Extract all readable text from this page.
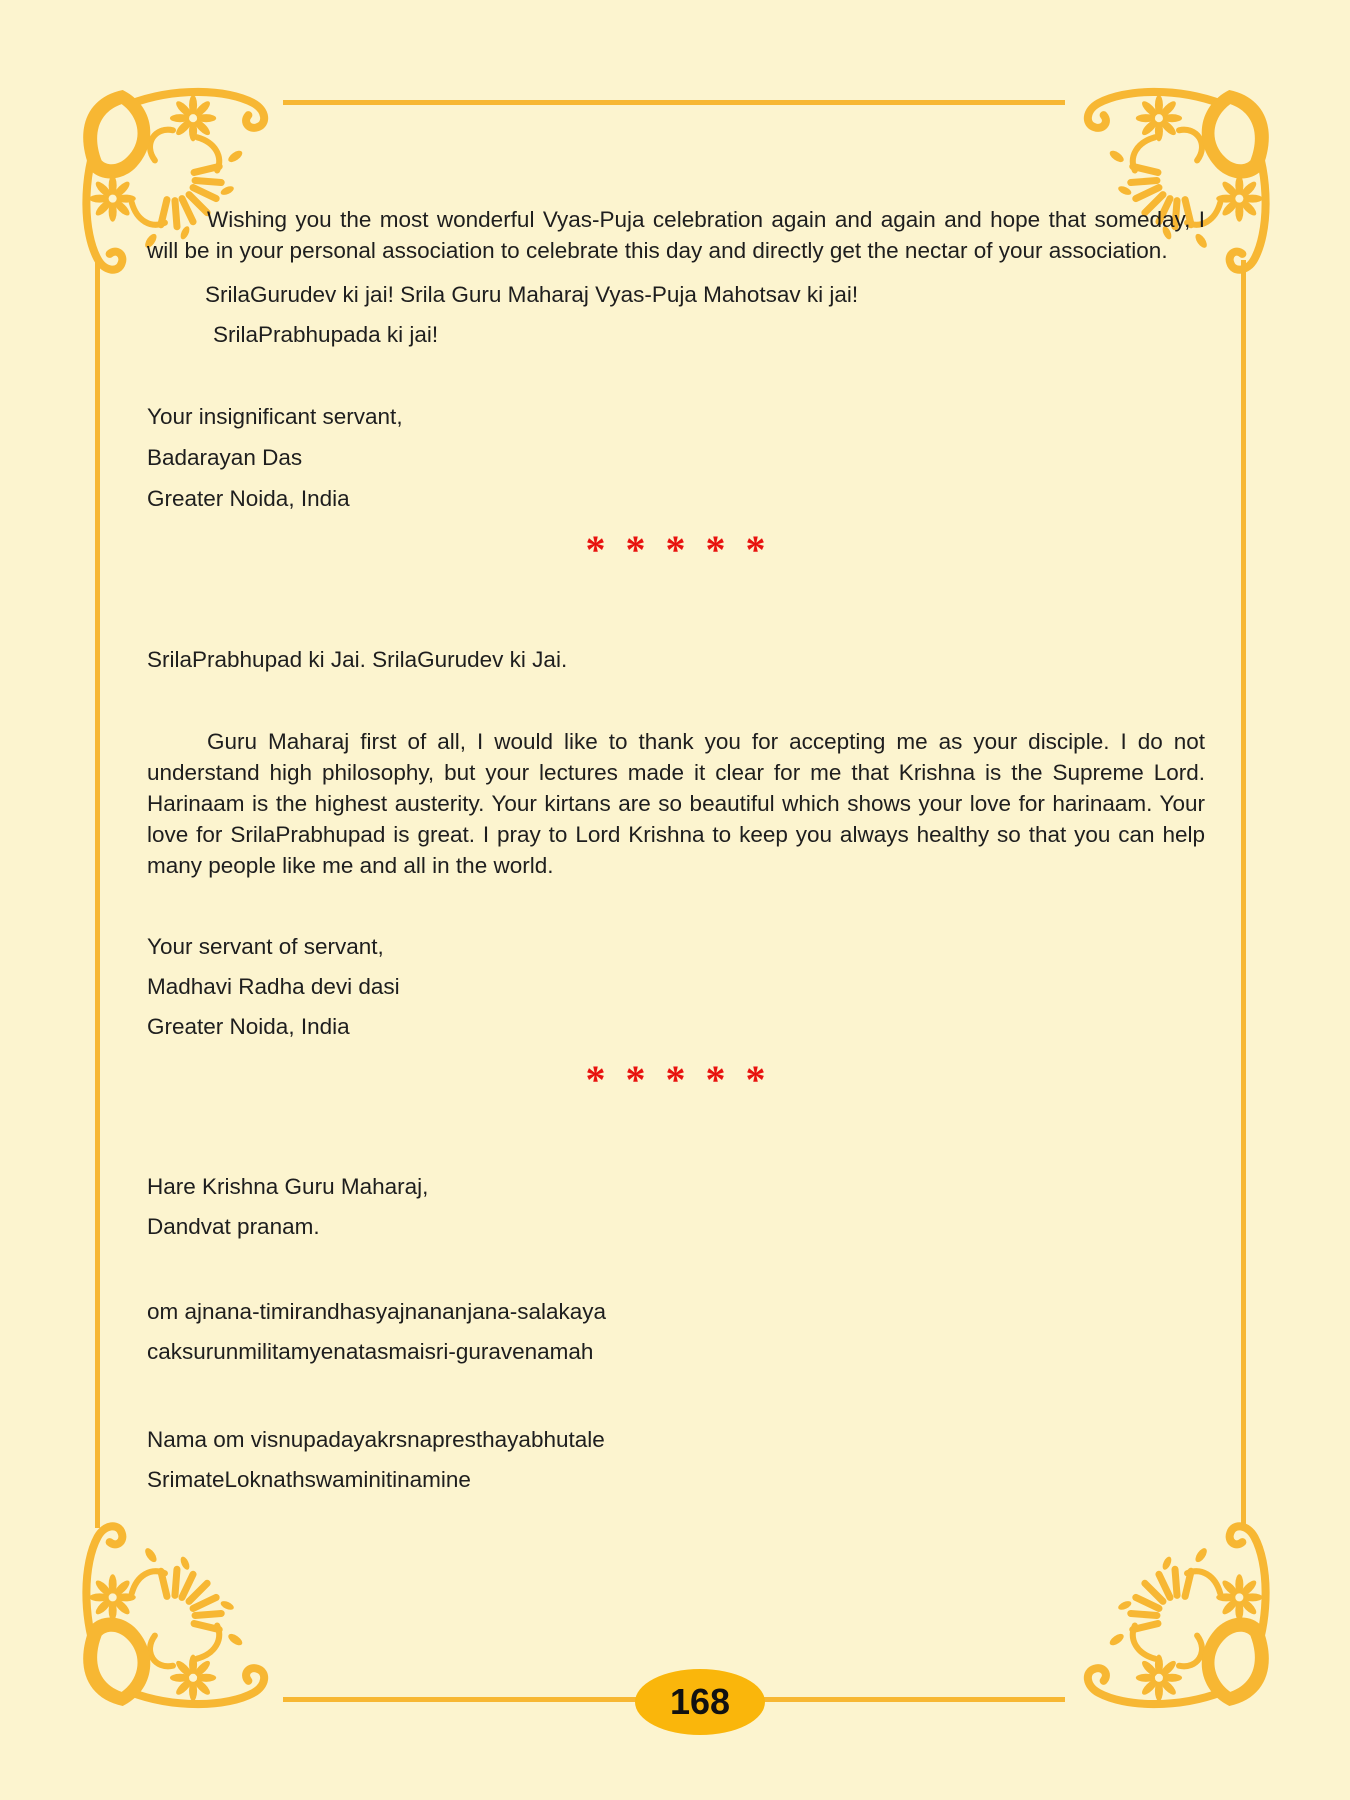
Wishing you the most wonderful Vyas-Puja celebration again and again and hope that someday, I will be in your personal association to celebrate this day and directly get the nectar of your association.

SrilaGurudev ki jai! Srila Guru Maharaj Vyas-Puja Mahotsav ki jai!

SrilaPrabhupada ki jai!

Your insignificant servant,

Badarayan Das

Greater Noida, India

* * * * *

SrilaPrabhupad ki Jai. SrilaGurudev ki Jai.

Guru Maharaj first of all, I would like to thank you for accepting me as your disciple. I do not understand high philosophy, but your lectures made it clear for me that Krishna is the Supreme Lord. Harinaam is the highest austerity. Your kirtans are so beautiful which shows your love for harinaam. Your love for SrilaPrabhupad is great. I pray to Lord Krishna to keep you always healthy so that you can help many people like me and all in the world.

Your servant of servant,

Madhavi Radha devi dasi

Greater Noida, India

* * * * *

Hare Krishna Guru Maharaj,

Dandvat pranam.

om ajnana-timirandhasyajnananjana-salakaya

caksurunmilitamyenatasmaisri-guravenamah

Nama om visnupadayakrsnapresthayabhutale

SrimateLoknathswaminitinamine

168
